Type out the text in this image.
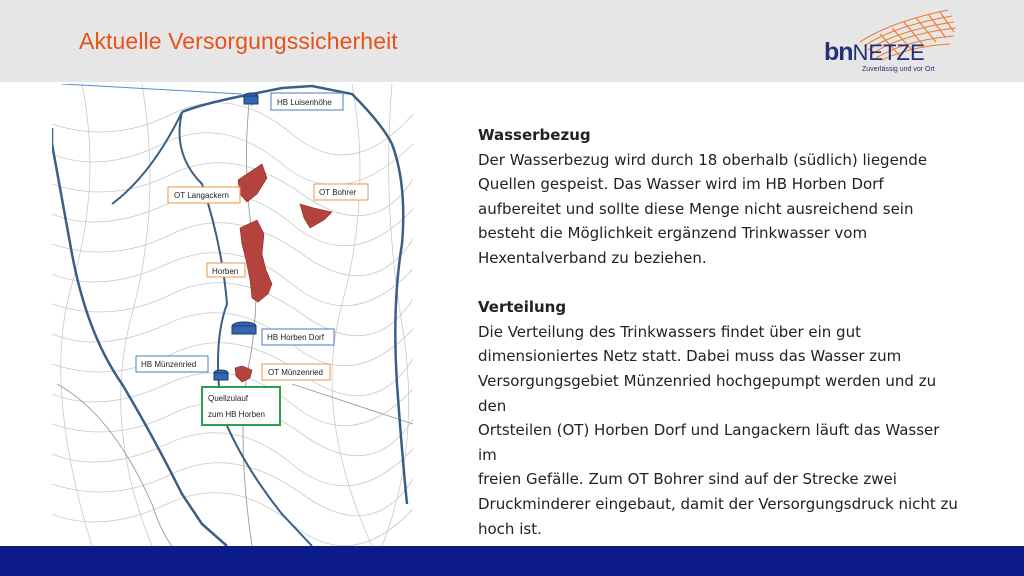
Aktuelle Versorgungssicherheit	bnNETZE
Zuverlässig und vor Ort
HB Luisenhöhe
OT Langackern	OT Bohrer
Horben
HB Horben Dorf
HB Münzenried
OT Münzenried
Quellzulauf
zum HB Horben
Wasserbezug
Der Wasserbezug wird durch 18 oberhalb (südlich) liegende
Quellen gespeist. Das Wasser wird im HB Horben Dorf
aufbereitet und sollte diese Menge nicht ausreichend sein
besteht die Möglichkeit ergänzend Trinkwasser vom
Hexentalverband zu beziehen.
Verteilung
Die Verteilung des Trinkwassers findet über ein gut
dimensioniertes Netz statt. Dabei muss das Wasser zum
Versorgungsgebiet Münzenried hochgepumpt werden und zu den
Ortsteilen (OT) Horben Dorf und Langackern läuft das Wasser im
freien Gefälle. Zum OT Bohrer sind auf der Strecke zwei
Druckminderer eingebaut, damit der Versorgungsdruck nicht zu
hoch ist.
